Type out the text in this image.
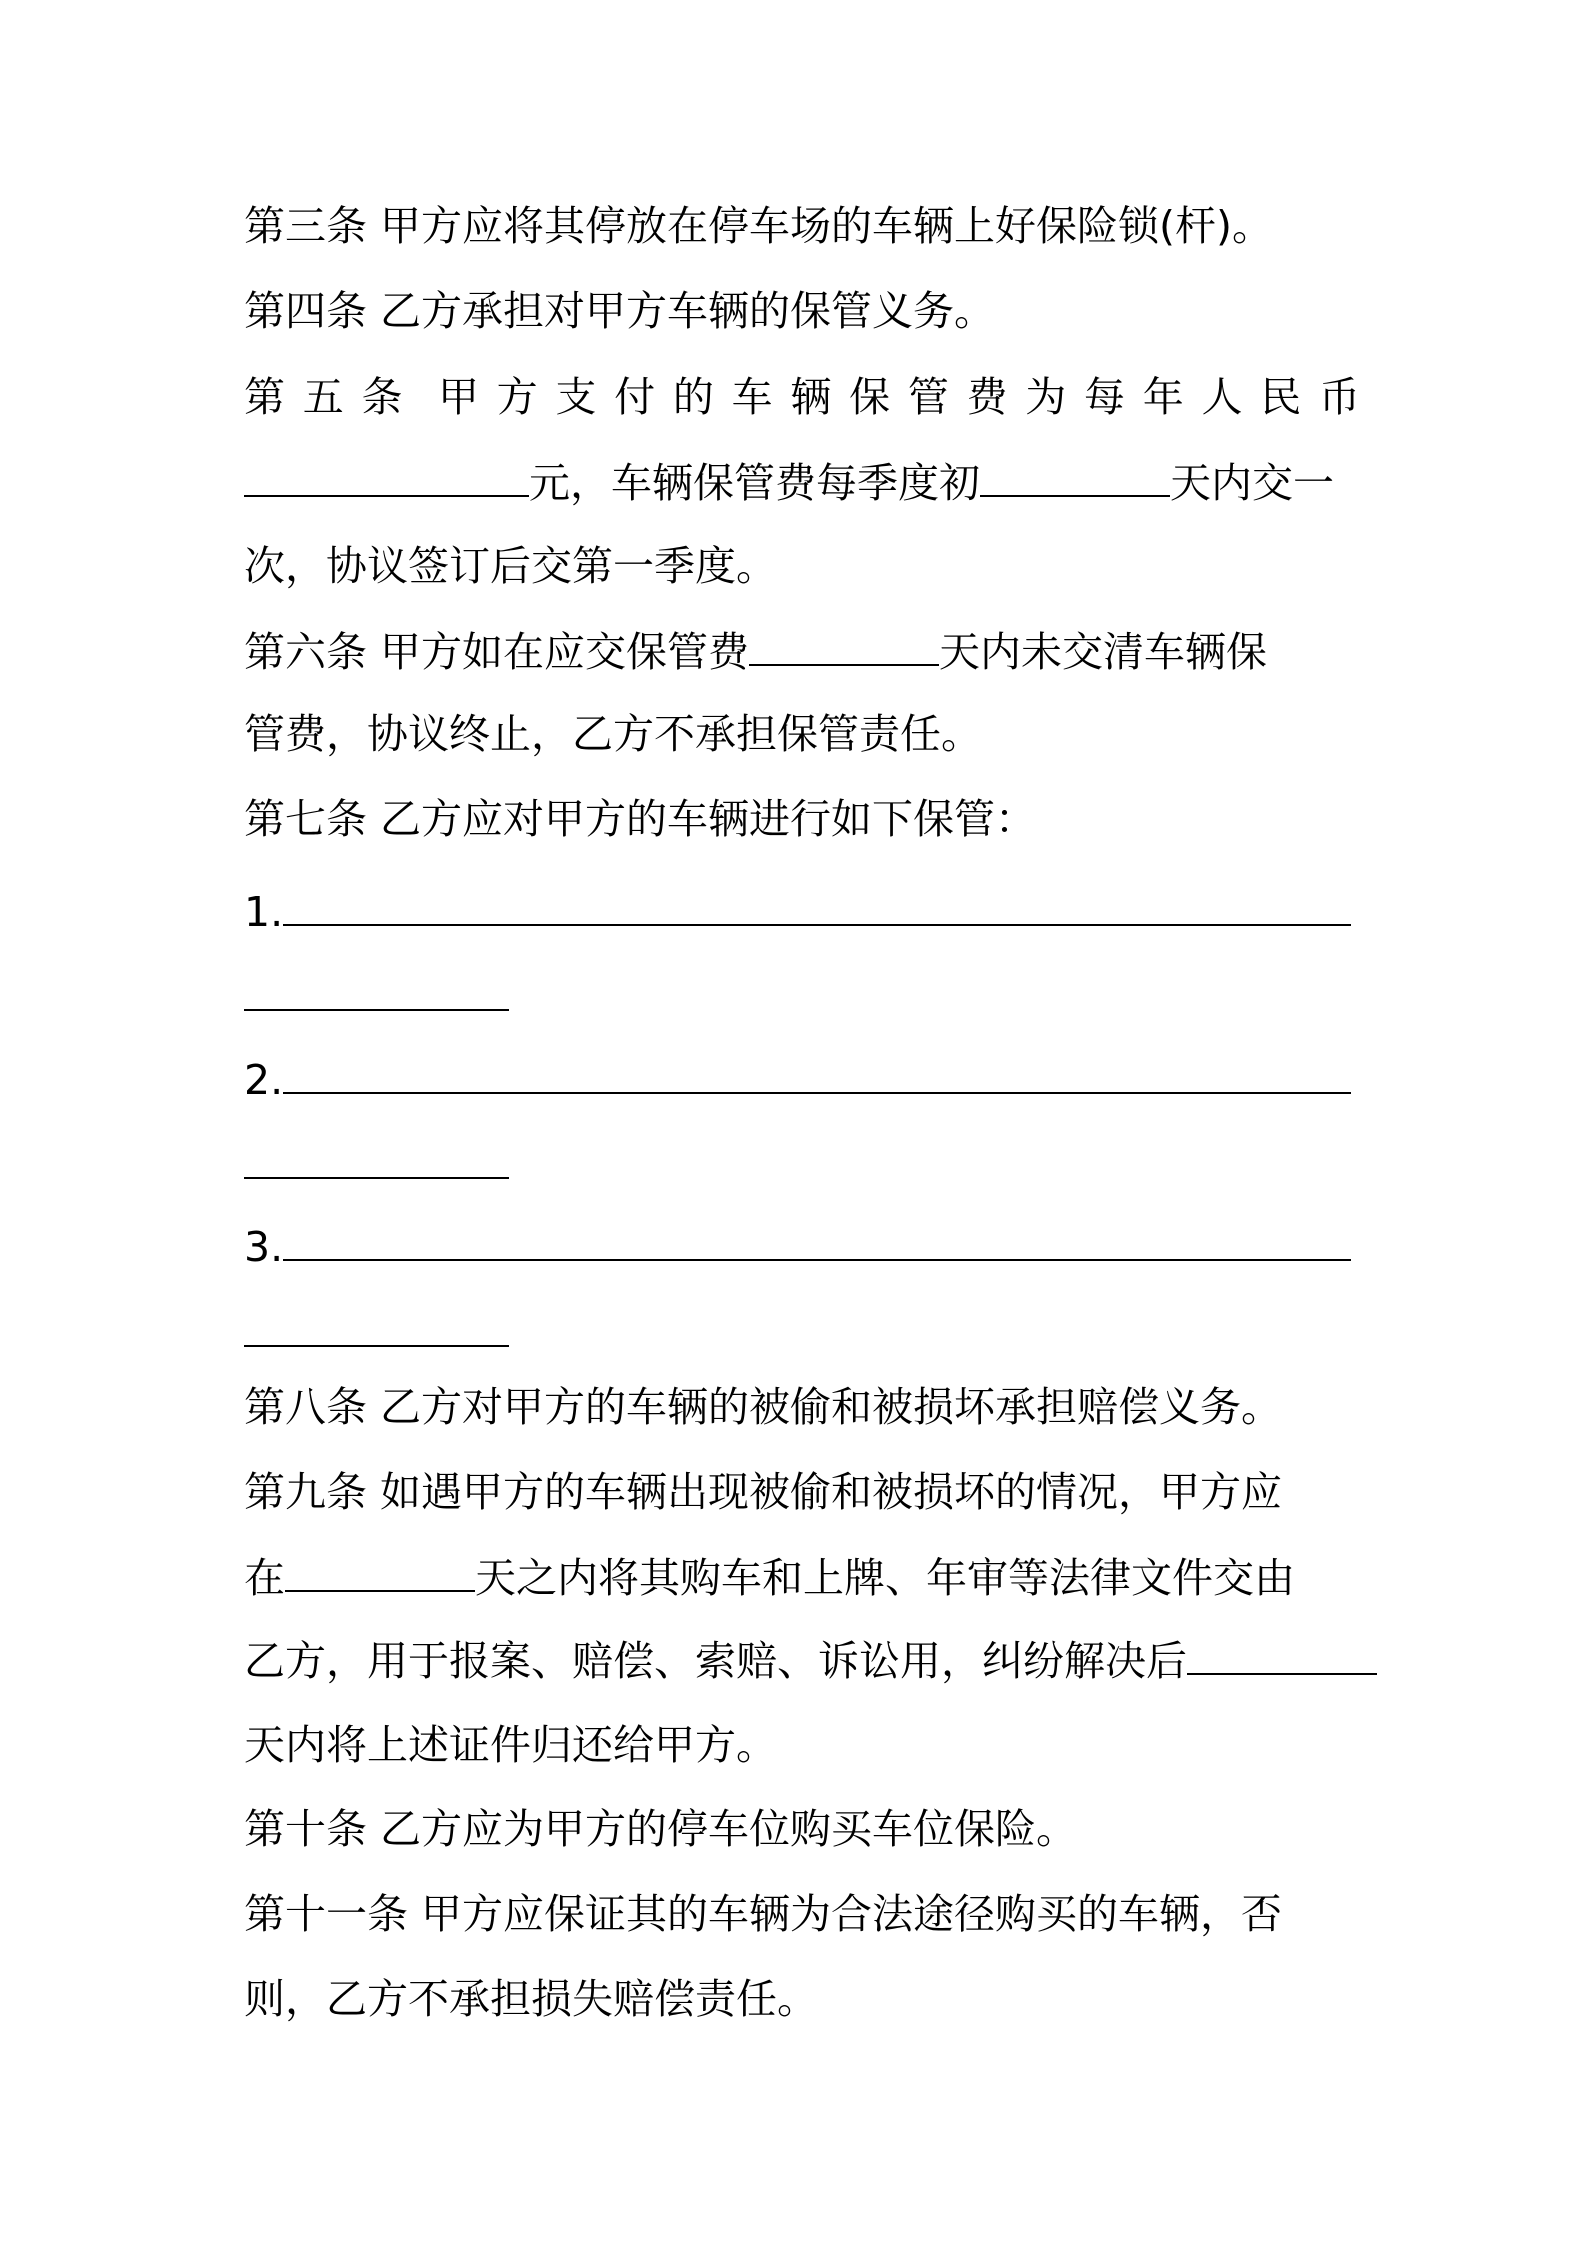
第三条 甲方应将其停放在停车场的车辆上好保险锁(杆)。
第四条 乙方承担对甲方车辆的保管义务。
第 五 条 甲 方 支 付 的 车 辆 保 管 费 为 每 年 人 民 币
元，车辆保管费每季度初	天内交一
次，协议签订后交第一季度。
第六条 甲方如在应交保管费	天内未交清车辆保
管费，协议终止，乙方不承担保管责任。
第七条 乙方应对甲方的车辆进行如下保管：
1.
2.
3.
第八条 乙方对甲方的车辆的被偷和被损坏承担赔偿义务。
第九条 如遇甲方的车辆出现被偷和被损坏的情况，甲方应
在	天之内将其购车和上牌、年审等法律文件交由
乙方，用于报案、赔偿、索赔、诉讼用，纠纷解决后
天内将上述证件归还给甲方。
第十条 乙方应为甲方的停车位购买车位保险。
第十一条 甲方应保证其的车辆为合法途径购买的车辆，否
则，乙方不承担损失赔偿责任。
